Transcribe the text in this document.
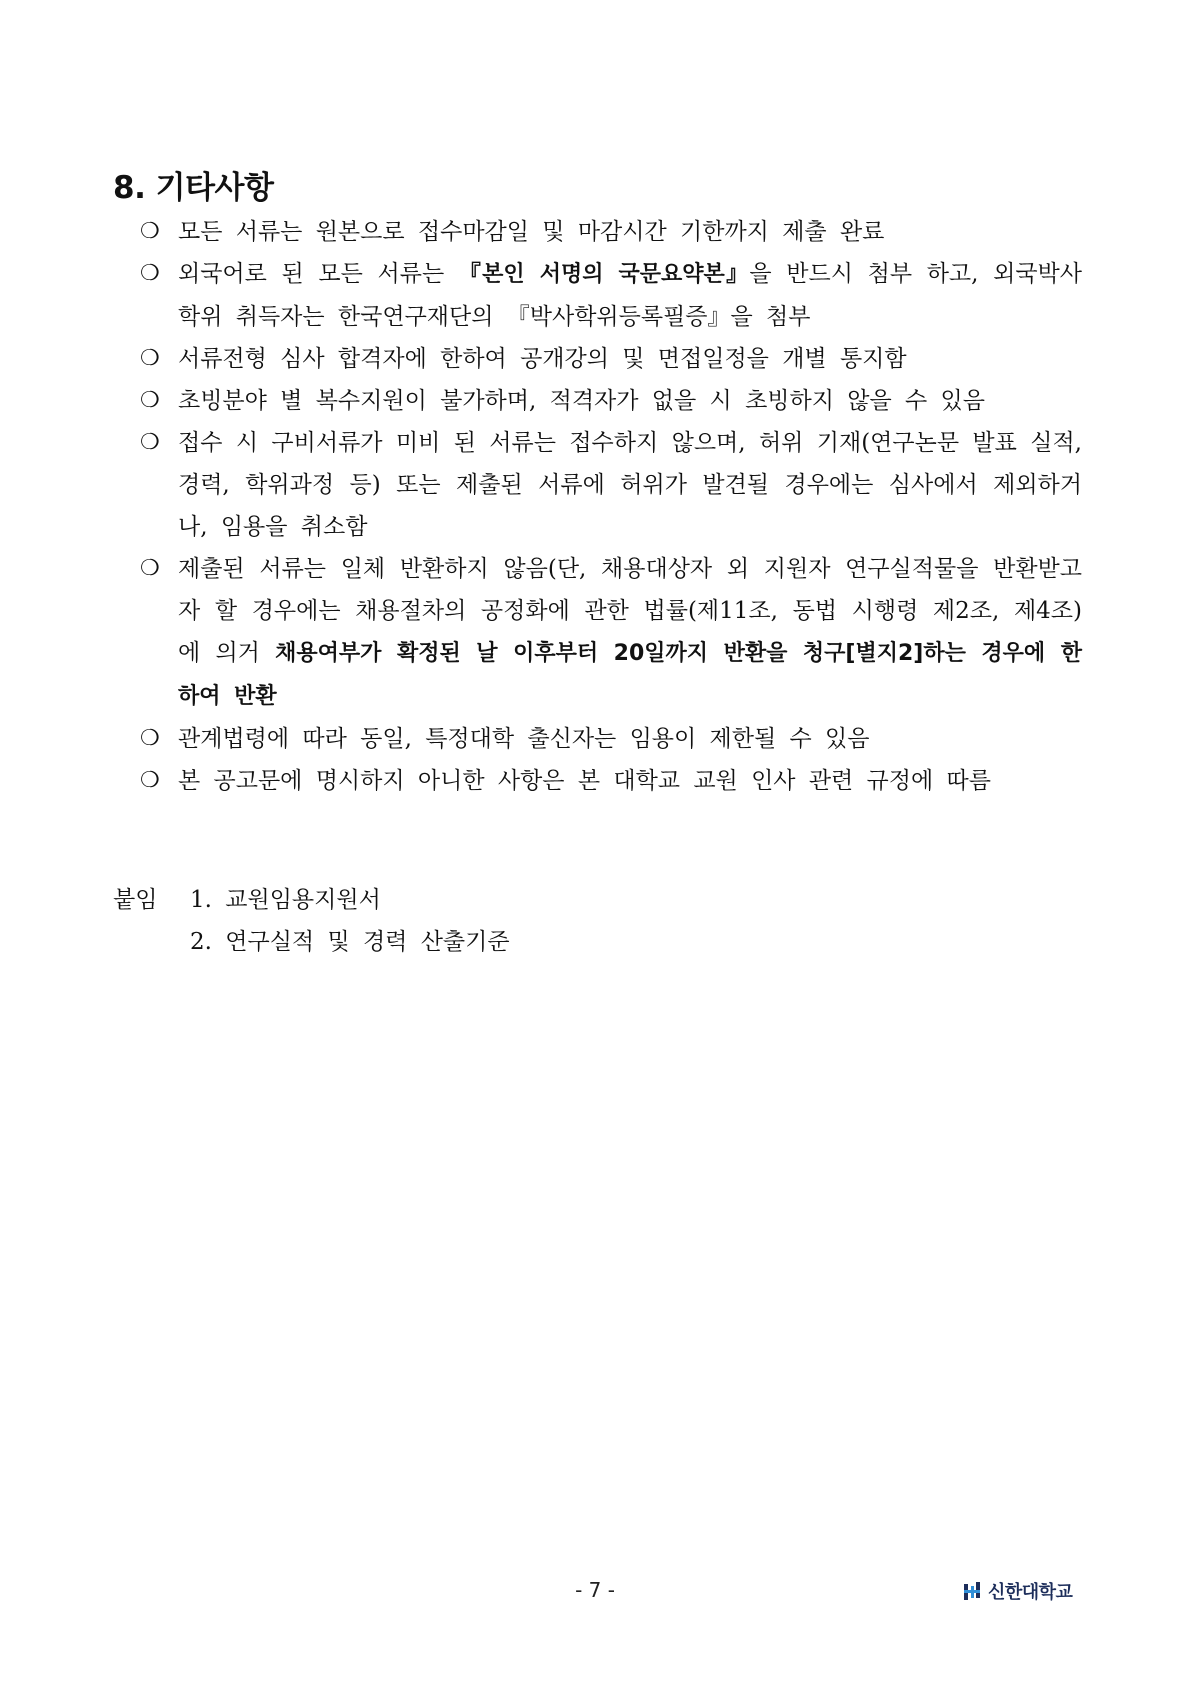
8. 기타사항
❍ 모든 서류는 원본으로 접수마감일 및 마감시간 기한까지 제출 완료
❍ 외국어로 된 모든 서류는 『본인 서명의 국문요약본』을 반드시 첨부 하고, 외국박사학위 취득자는 한국연구재단의 『박사학위등록필증』을 첨부
❍ 서류전형 심사 합격자에 한하여 공개강의 및 면접일정을 개별 통지함
❍ 초빙분야 별 복수지원이 불가하며, 적격자가 없을 시 초빙하지 않을 수 있음
❍ 접수 시 구비서류가 미비 된 서류는 접수하지 않으며, 허위 기재(연구논문 발표 실적, 경력, 학위과정 등) 또는 제출된 서류에 허위가 발견될 경우에는 심사에서 제외하거나, 임용을 취소함
❍ 제출된 서류는 일체 반환하지 않음(단, 채용대상자 외 지원자 연구실적물을 반환받고자 할 경우에는 채용절차의 공정화에 관한 법률(제11조, 동법 시행령 제2조, 제4조)에 의거 채용여부가 확정된 날 이후부터 20일까지 반환을 청구[별지2]하는 경우에 한하여 반환
❍ 관계법령에 따라 동일, 특정대학 출신자는 임용이 제한될 수 있음
❍ 본 공고문에 명시하지 아니한 사항은 본 대학교 교원 인사 관련 규정에 따름
붙임	1. 교원임용지원서
2. 연구실적 및 경력 산출기준
- 7 -	신한대학교
